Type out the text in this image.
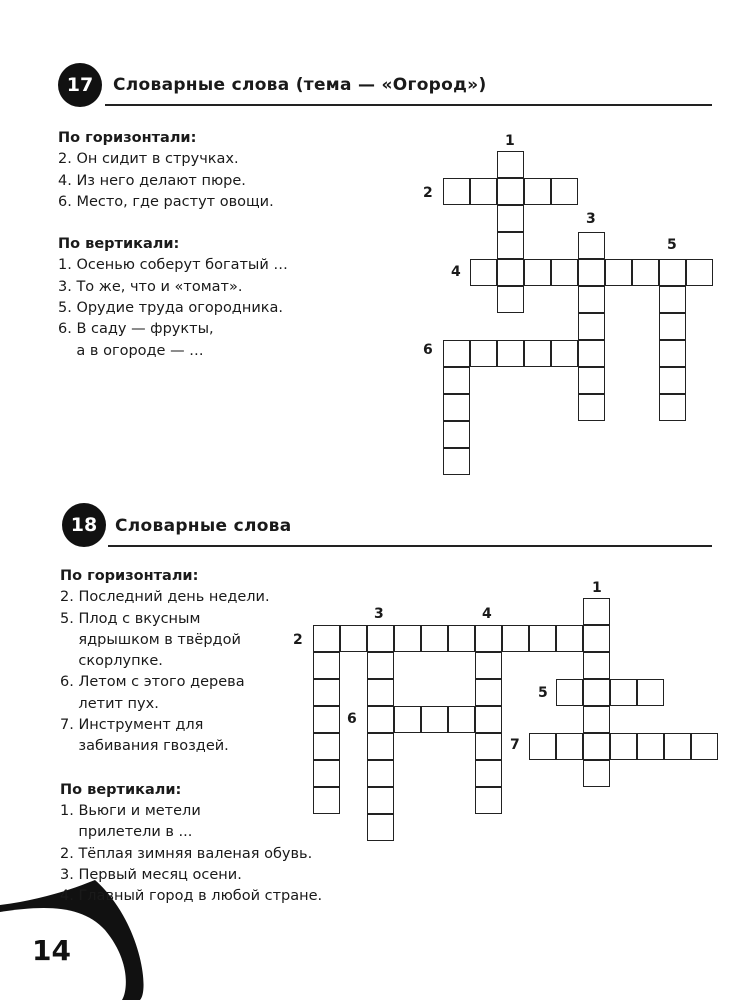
14
17	Словарные слова (тема — «Огород»)
По горизонтали:
2. Он сидит в стручках.
4. Из него делают пюре.
6. Место, где растут овощи.
По вертикали:
1. Осенью соберут богатый …
3. То же, что и «томат».
5. Орудие труда огородника.
6. В саду — фрукты,
а в огороде — …
1
2
3
4
5
6
18	Словарные слова
По горизонтали:
2. Последний день недели.
5. Плод с вкусным
ядрышком в твёрдой
скорлупке.
6. Летом с этого дерева
летит пух.
7. Инструмент для
забивания гвоздей.
По вертикали:
1. Вьюги и метели
прилетели в ...
2. Тёплая зимняя валеная обувь.
3. Первый месяц осени.
4. Главный город в любой стране.
1
2
3	4
5
6
7
